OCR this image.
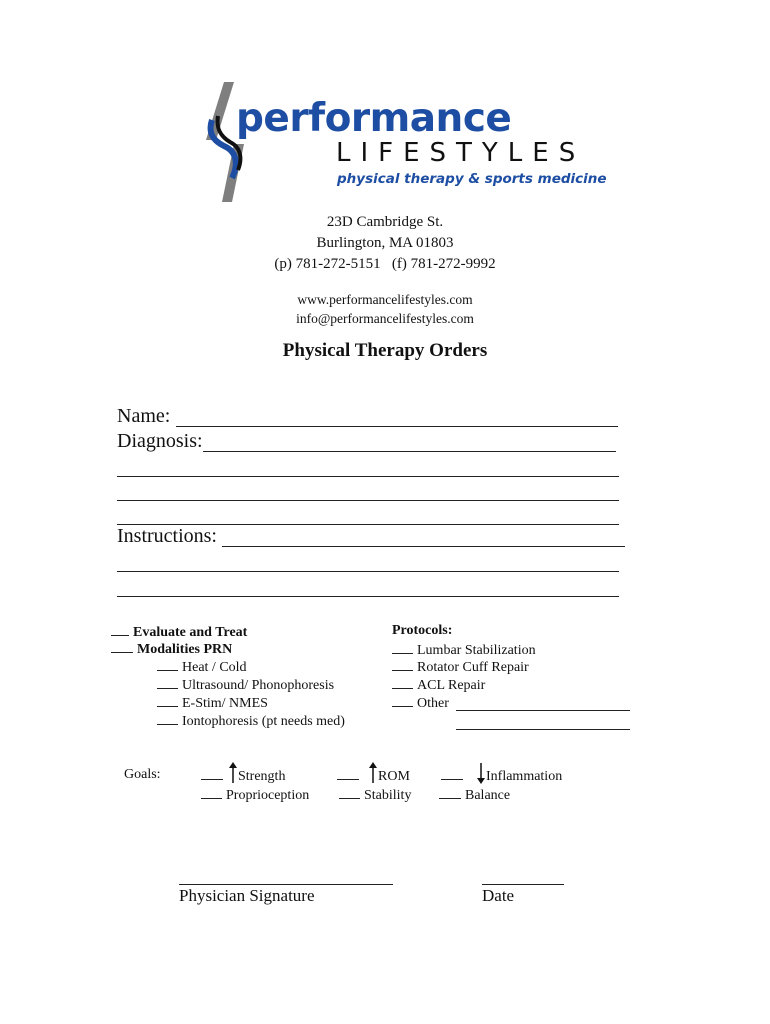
performance
LIFESTYLES
physical therapy & sports medicine
23D Cambridge St.
Burlington, MA 01803
(p) 781-272-5151   (f) 781-272-9992
www.performancelifestyles.com
info@performancelifestyles.com
Physical Therapy Orders
Name:
Diagnosis:
Instructions:
Evaluate and Treat
Modalities PRN
Heat / Cold
Ultrasound/ Phonophoresis
E-Stim/ NMES
Iontophoresis (pt needs med)
Protocols:
Lumbar Stabilization
Rotator Cuff Repair
ACL Repair
Other
Goals:	Strength	ROM	Inflammation
Proprioception	Stability	Balance
Physician Signature	Date
